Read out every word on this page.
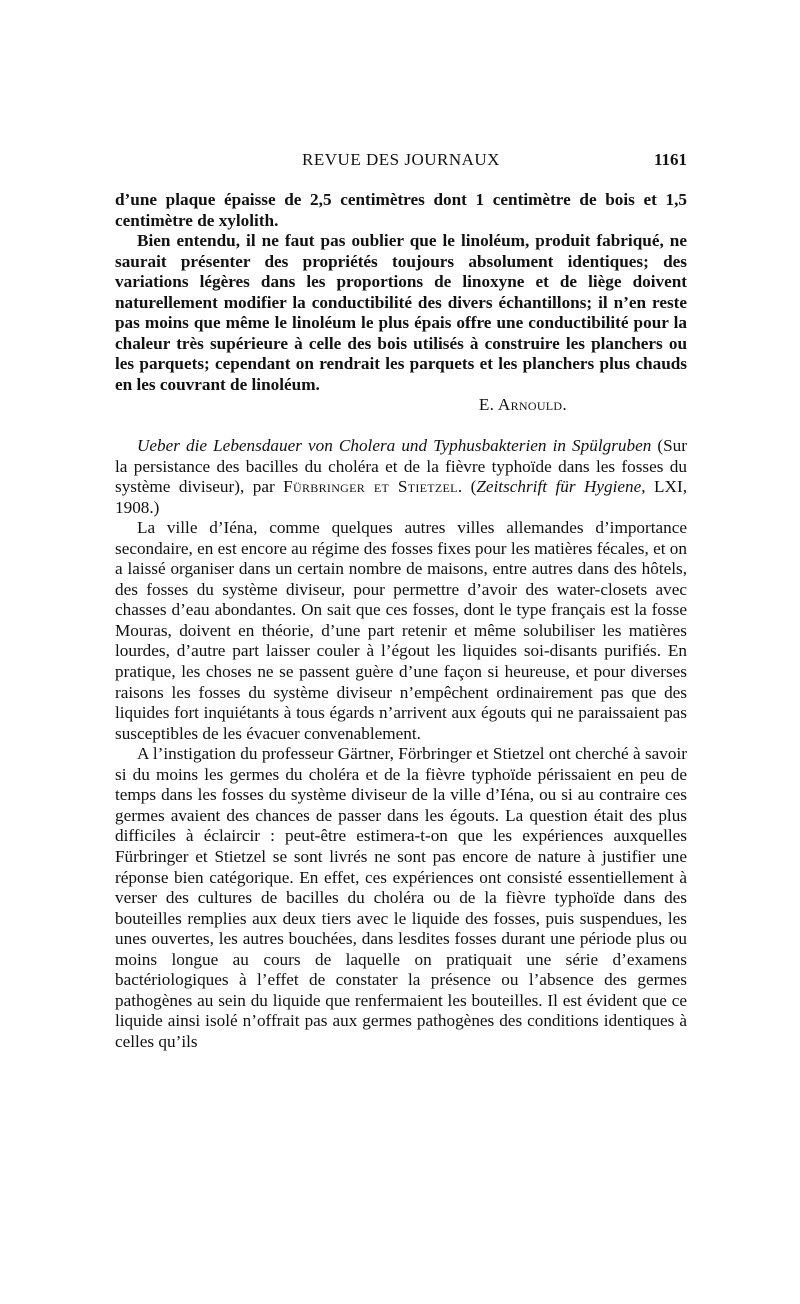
REVUE DES JOURNAUX	1161

d’une plaque épaisse de 2,5 centimètres dont 1 centimètre de bois et 1,5 centimètre de xylolith.

Bien entendu, il ne faut pas oublier que le linoléum, produit fabriqué, ne saurait présenter des propriétés toujours absolument identiques; des variations légères dans les proportions de linoxyne et de liège doivent naturellement modifier la conductibilité des divers échantillons; il n’en reste pas moins que même le linoléum le plus épais offre une conductibilité pour la chaleur très supérieure à celle des bois utilisés à construire les planchers ou les parquets; cependant on rendrait les parquets et les planchers plus chauds en les couvrant de linoléum.

E. Arnould.

Ueber die Lebensdauer von Cholera und Typhusbakterien in Spülgruben (Sur la persistance des bacilles du choléra et de la fièvre typhoïde dans les fosses du système diviseur), par Fürbringer et Stietzel. (Zeitschrift für Hygiene, LXI, 1908.)

La ville d’Iéna, comme quelques autres villes allemandes d’importance secondaire, en est encore au régime des fosses fixes pour les matières fécales, et on a laissé organiser dans un certain nombre de maisons, entre autres dans des hôtels, des fosses du système diviseur, pour permettre d’avoir des water-closets avec chasses d’eau abondantes. On sait que ces fosses, dont le type français est la fosse Mouras, doivent en théorie, d’une part retenir et même solubiliser les matières lourdes, d’autre part laisser couler à l’égout les liquides soi-disants purifiés. En pratique, les choses ne se passent guère d’une façon si heureuse, et pour diverses raisons les fosses du système diviseur n’empêchent ordinairement pas que des liquides fort inquiétants à tous égards n’arrivent aux égouts qui ne paraissaient pas susceptibles de les évacuer convenablement.

A l’instigation du professeur Gärtner, Förbringer et Stietzel ont cherché à savoir si du moins les germes du choléra et de la fièvre typhoïde périssaient en peu de temps dans les fosses du système diviseur de la ville d’Iéna, ou si au contraire ces germes avaient des chances de passer dans les égouts. La question était des plus difficiles à éclaircir : peut-être estimera-t-on que les expériences auxquelles Fürbringer et Stietzel se sont livrés ne sont pas encore de nature à justifier une réponse bien catégorique. En effet, ces expériences ont consisté essentiellement à verser des cultures de bacilles du choléra ou de la fièvre typhoïde dans des bouteilles remplies aux deux tiers avec le liquide des fosses, puis suspendues, les unes ouvertes, les autres bouchées, dans lesdites fosses durant une période plus ou moins longue au cours de laquelle on pratiquait une série d’examens bactériologiques à l’effet de constater la présence ou l’absence des germes pathogènes au sein du liquide que renfermaient les bouteilles. Il est évident que ce liquide ainsi isolé n’offrait pas aux germes pathogènes des conditions identiques à celles qu’ils
